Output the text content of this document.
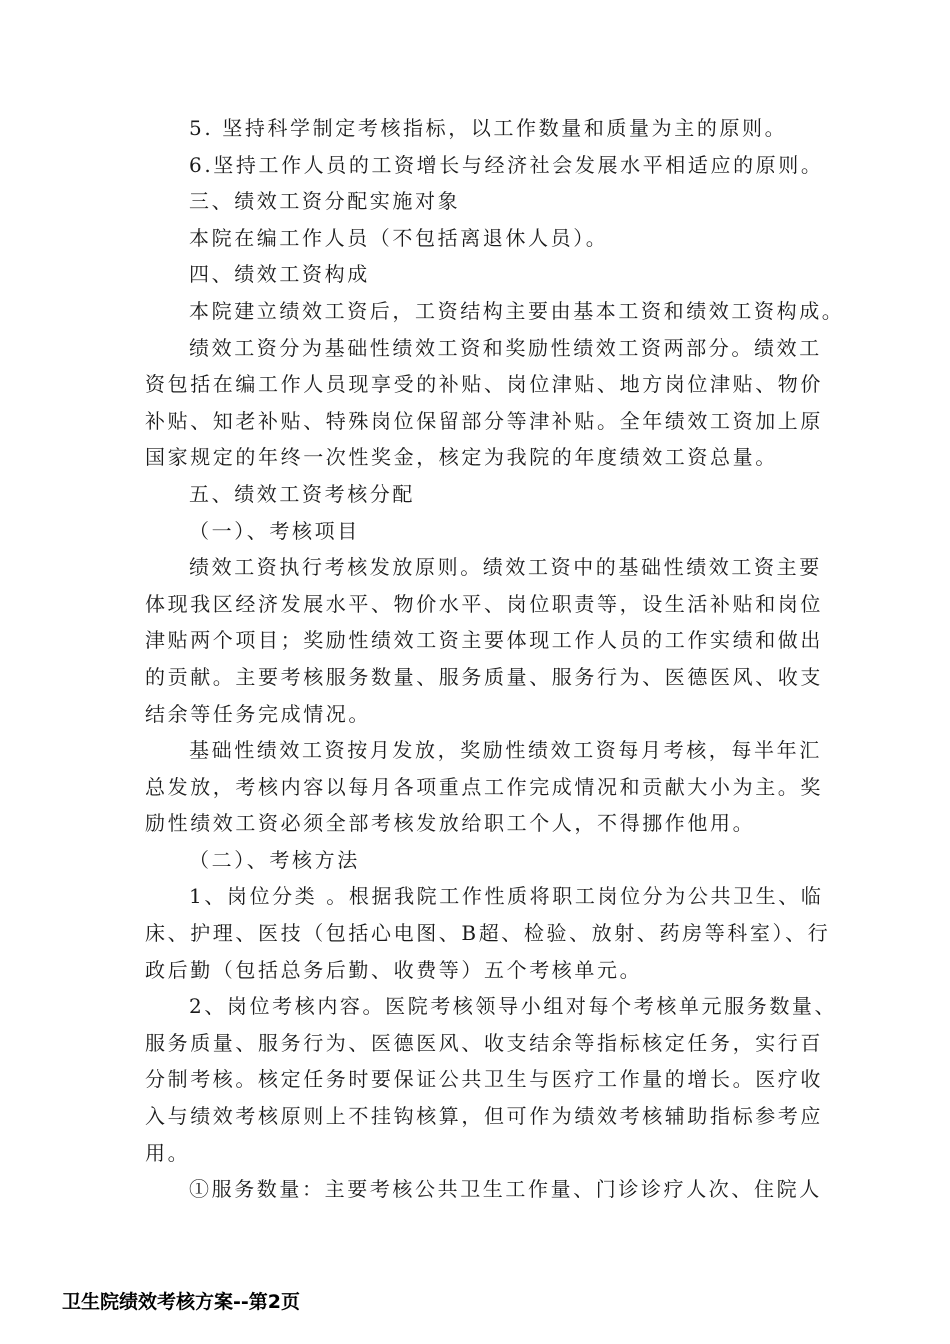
5. 坚持科学制定考核指标，以工作数量和质量为主的原则。
6.坚持工作人员的工资增长与经济社会发展水平相适应的原则。
三、绩效工资分配实施对象
本院在编工作人员（不包括离退休人员）。
四、绩效工资构成
本院建立绩效工资后，工资结构主要由基本工资和绩效工资构成。
绩效工资分为基础性绩效工资和奖励性绩效工资两部分。绩效工
资包括在编工作人员现享受的补贴、岗位津贴、地方岗位津贴、物价
补贴、知老补贴、特殊岗位保留部分等津补贴。全年绩效工资加上原
国家规定的年终一次性奖金，核定为我院的年度绩效工资总量。
五、绩效工资考核分配
（一）、考核项目
绩效工资执行考核发放原则。绩效工资中的基础性绩效工资主要
体现我区经济发展水平、物价水平、岗位职责等，设生活补贴和岗位
津贴两个项目；奖励性绩效工资主要体现工作人员的工作实绩和做出
的贡献。主要考核服务数量、服务质量、服务行为、医德医风、收支
结余等任务完成情况。
基础性绩效工资按月发放，奖励性绩效工资每月考核，每半年汇
总发放，考核内容以每月各项重点工作完成情况和贡献大小为主。奖
励性绩效工资必须全部考核发放给职工个人，不得挪作他用。
（二）、考核方法
1、岗位分类 。根据我院工作性质将职工岗位分为公共卫生、临
床、护理、医技（包括心电图、B超、检验、放射、药房等科室）、行
政后勤（包括总务后勤、收费等）五个考核单元。
2、岗位考核内容。医院考核领导小组对每个考核单元服务数量、
服务质量、服务行为、医德医风、收支结余等指标核定任务，实行百
分制考核。核定任务时要保证公共卫生与医疗工作量的增长。医疗收
入与绩效考核原则上不挂钩核算，但可作为绩效考核辅助指标参考应
用。
①服务数量：主要考核公共卫生工作量、门诊诊疗人次、住院人
卫生院绩效考核方案--第2页
